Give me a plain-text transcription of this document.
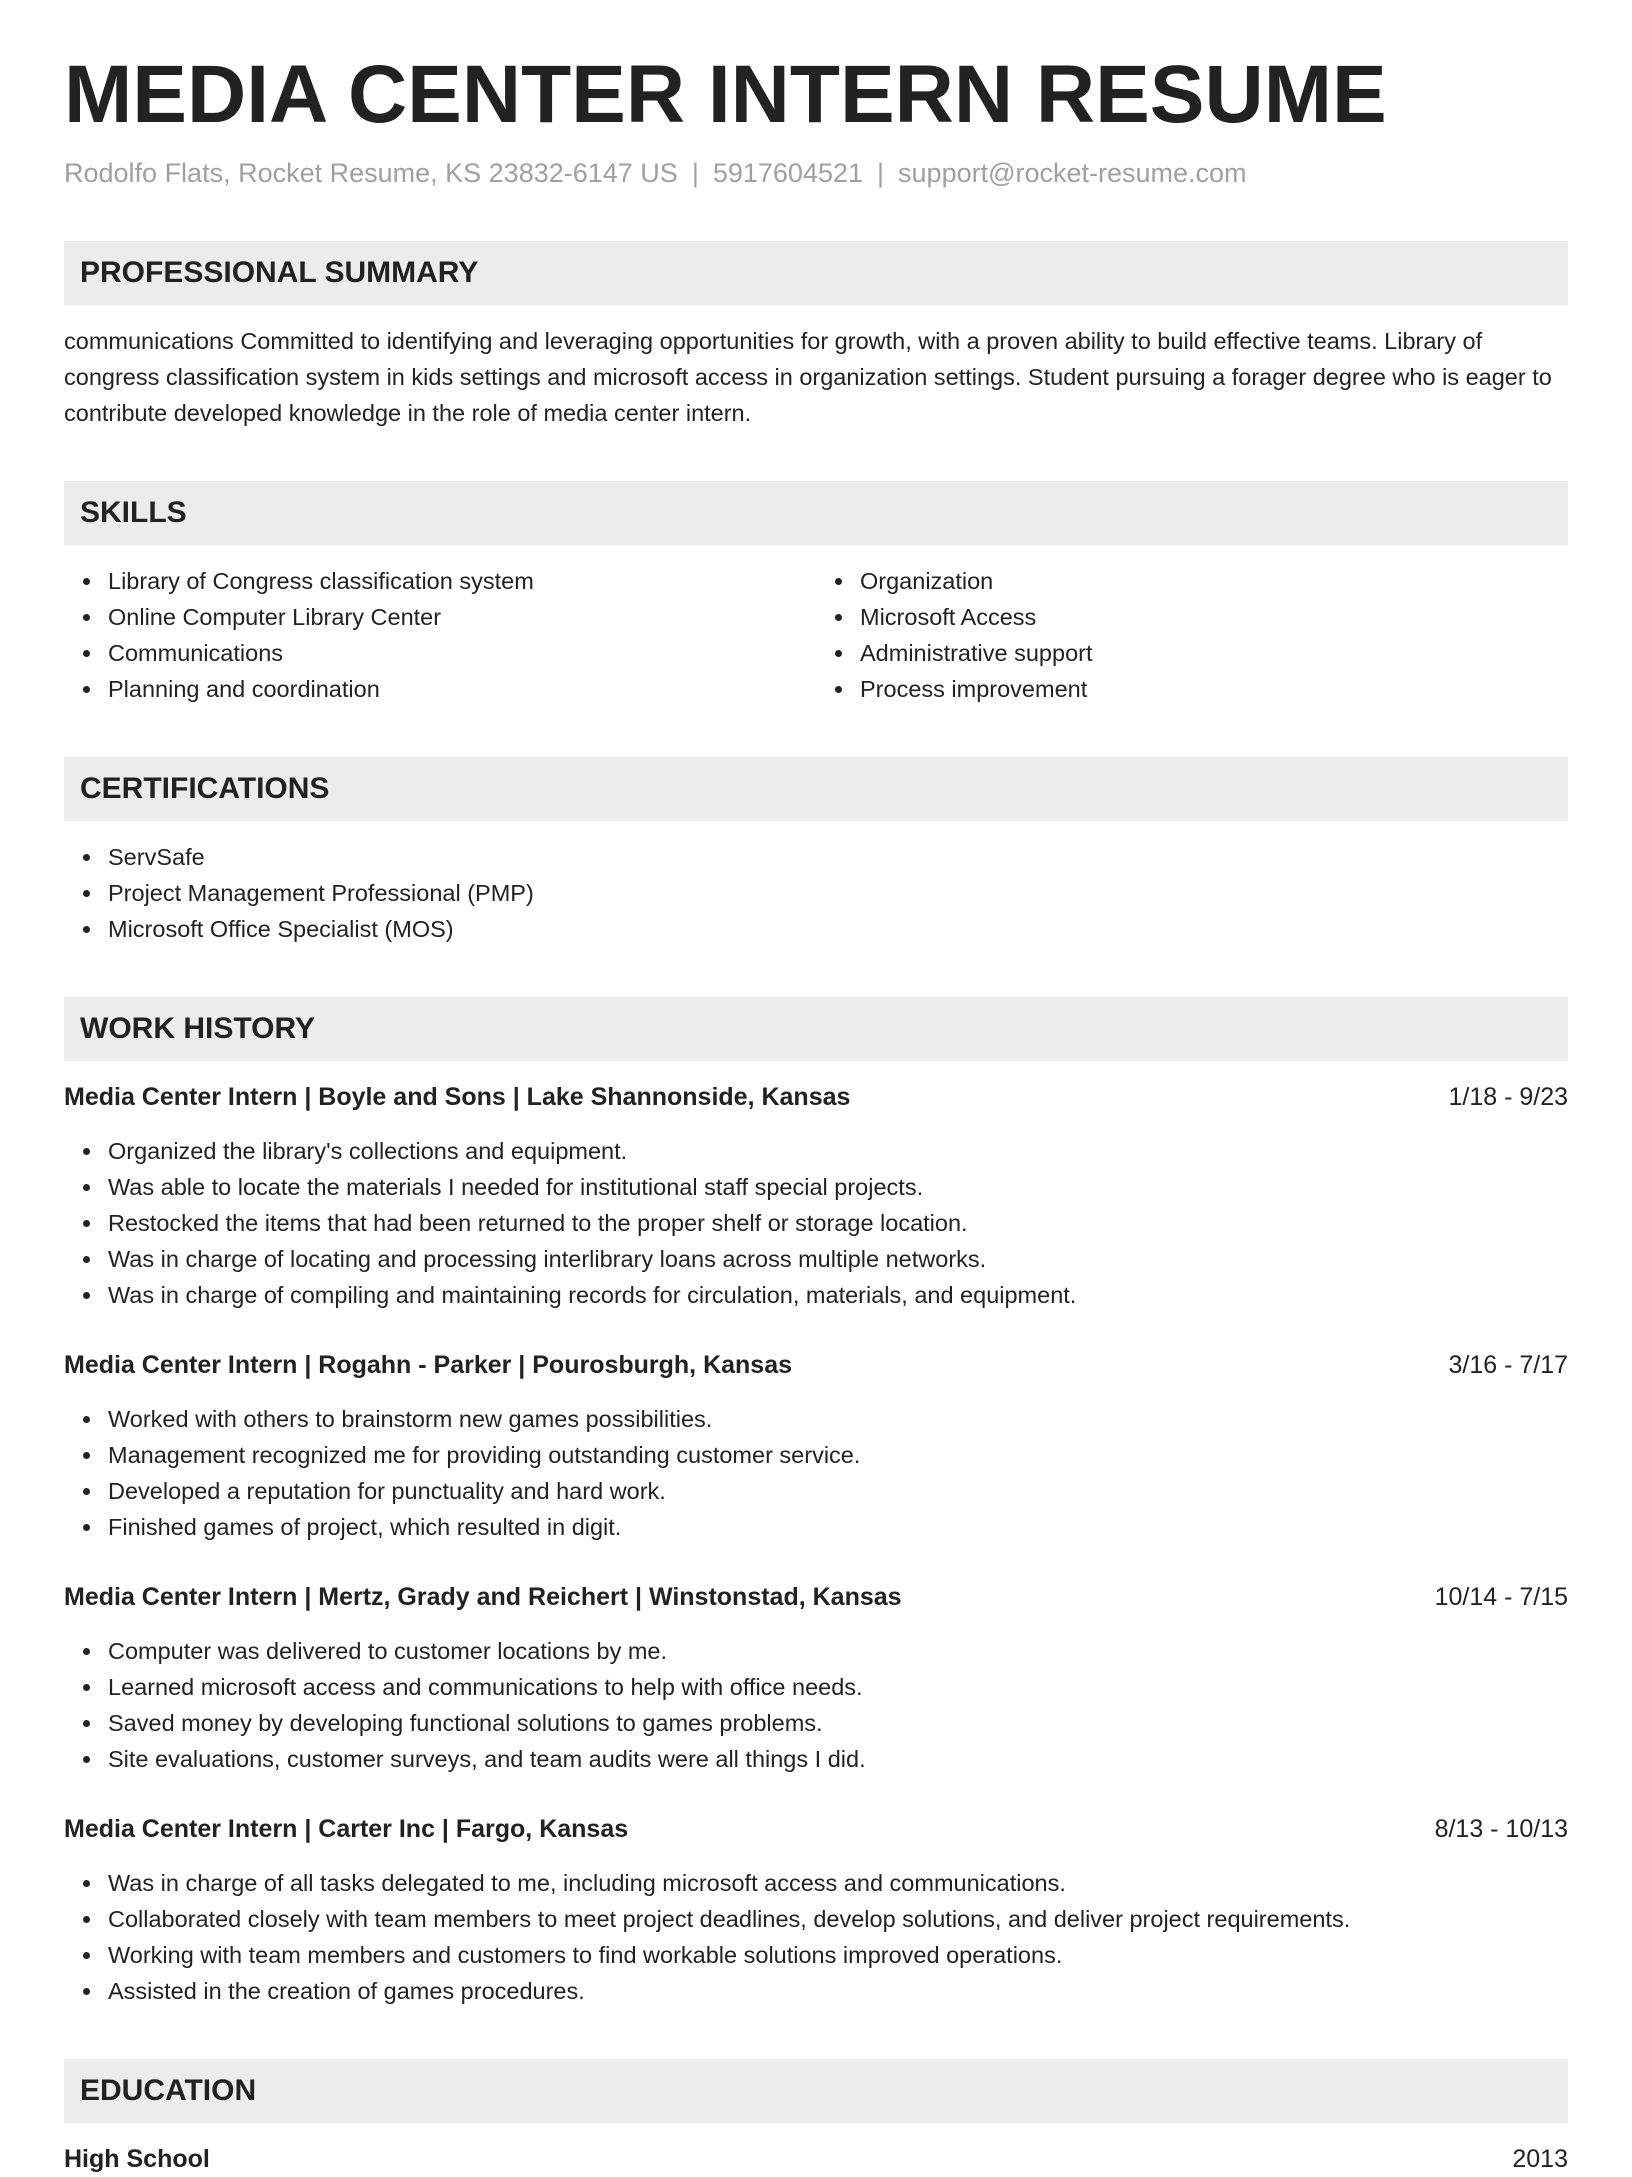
MEDIA CENTER INTERN RESUME
Rodolfo Flats, Rocket Resume, KS 23832-6147 US | 5917604521 | support@rocket-resume.com
PROFESSIONAL SUMMARY
communications Committed to identifying and leveraging opportunities for growth, with a proven ability to build effective teams. Library of congress classification system in kids settings and microsoft access in organization settings. Student pursuing a forager degree who is eager to contribute developed knowledge in the role of media center intern.
SKILLS
Library of Congress classification system
Online Computer Library Center
Communications
Planning and coordination
Organization
Microsoft Access
Administrative support
Process improvement
CERTIFICATIONS
ServSafe
Project Management Professional (PMP)
Microsoft Office Specialist (MOS)
WORK HISTORY
Media Center Intern | Boyle and Sons | Lake Shannonside, Kansas	1/18 - 9/23
Organized the library's collections and equipment.
Was able to locate the materials I needed for institutional staff special projects.
Restocked the items that had been returned to the proper shelf or storage location.
Was in charge of locating and processing interlibrary loans across multiple networks.
Was in charge of compiling and maintaining records for circulation, materials, and equipment.
Media Center Intern | Rogahn - Parker | Pourosburgh, Kansas	3/16 - 7/17
Worked with others to brainstorm new games possibilities.
Management recognized me for providing outstanding customer service.
Developed a reputation for punctuality and hard work.
Finished games of project, which resulted in digit.
Media Center Intern | Mertz, Grady and Reichert | Winstonstad, Kansas	10/14 - 7/15
Computer was delivered to customer locations by me.
Learned microsoft access and communications to help with office needs.
Saved money by developing functional solutions to games problems.
Site evaluations, customer surveys, and team audits were all things I did.
Media Center Intern | Carter Inc | Fargo, Kansas	8/13 - 10/13
Was in charge of all tasks delegated to me, including microsoft access and communications.
Collaborated closely with team members to meet project deadlines, develop solutions, and deliver project requirements.
Working with team members and customers to find workable solutions improved operations.
Assisted in the creation of games procedures.
EDUCATION
High School	2013
